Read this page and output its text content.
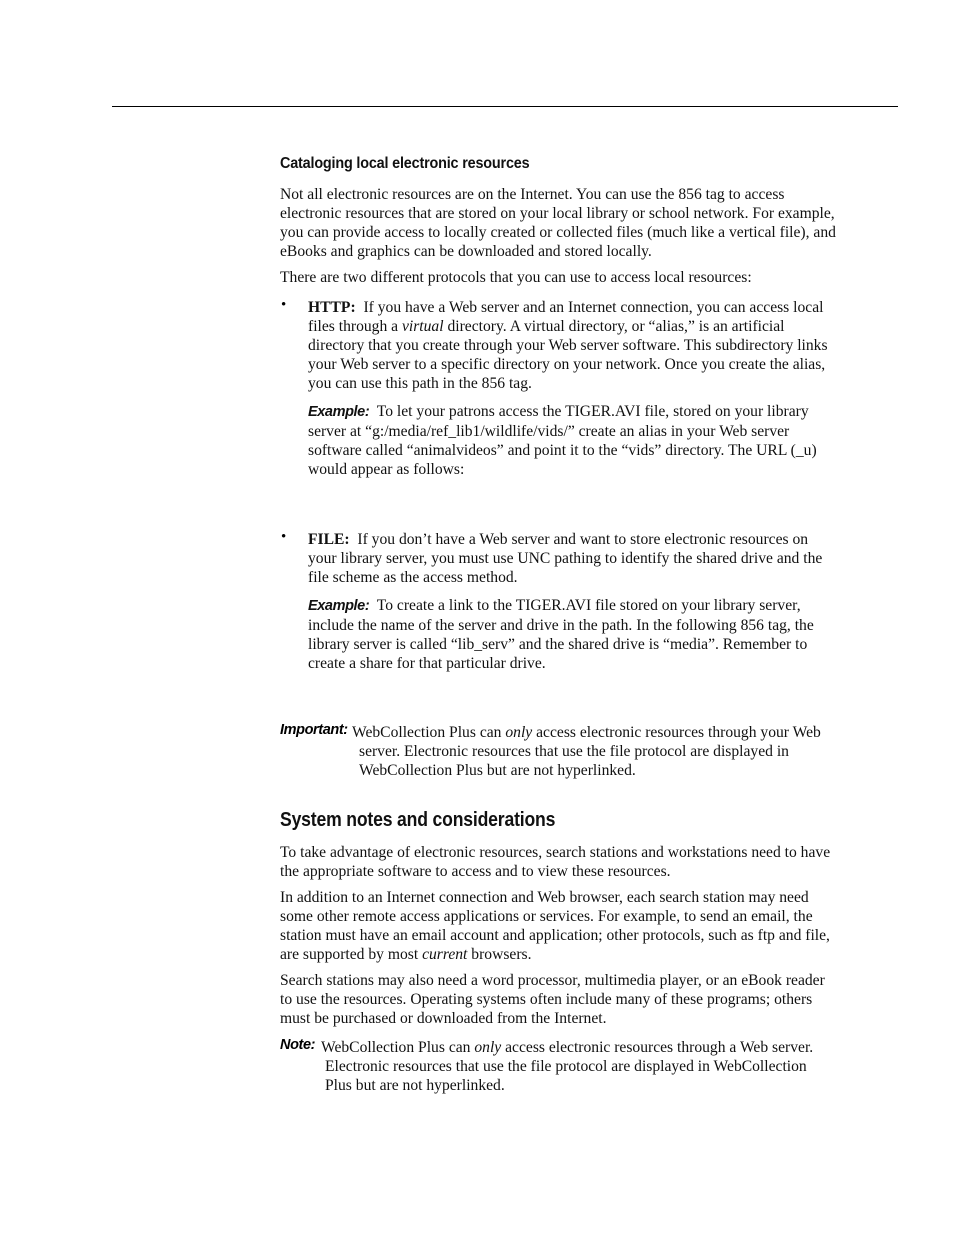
Cataloging local electronic resources

Not all electronic resources are on the Internet. You can use the 856 tag to access electronic resources that are stored on your local library or school network. For example, you can provide access to locally created or collected files (much like a vertical file), and eBooks and graphics can be downloaded and stored locally.

There are two different protocols that you can use to access local resources:

• HTTP: If you have a Web server and an Internet connection, you can access local files through a virtual directory. A virtual directory, or “alias,” is an artificial directory that you create through your Web server software. This subdirectory links your Web server to a specific directory on your network. Once you create the alias, you can use this path in the 856 tag.

Example: To let your patrons access the TIGER.AVI file, stored on your library server at “g:/media/ref_lib1/wildlife/vids/” create an alias in your Web server software called “animalvideos” and point it to the “vids” directory. The URL (_u) would appear as follows:

• FILE: If you don’t have a Web server and want to store electronic resources on your library server, you must use UNC pathing to identify the shared drive and the file scheme as the access method.

Example: To create a link to the TIGER.AVI file stored on your library server, include the name of the server and drive in the path. In the following 856 tag, the library server is called “lib_serv” and the shared drive is “media”. Remember to create a share for that particular drive.

Important: WebCollection Plus can only access electronic resources through your Web server. Electronic resources that use the file protocol are displayed in WebCollection Plus but are not hyperlinked.

System notes and considerations

To take advantage of electronic resources, search stations and workstations need to have the appropriate software to access and to view these resources.

In addition to an Internet connection and Web browser, each search station may need some other remote access applications or services. For example, to send an email, the station must have an email account and application; other protocols, such as ftp and file, are supported by most current browsers.

Search stations may also need a word processor, multimedia player, or an eBook reader to use the resources. Operating systems often include many of these programs; others must be purchased or downloaded from the Internet.

Note: WebCollection Plus can only access electronic resources through a Web server. Electronic resources that use the file protocol are displayed in WebCollection Plus but are not hyperlinked.
